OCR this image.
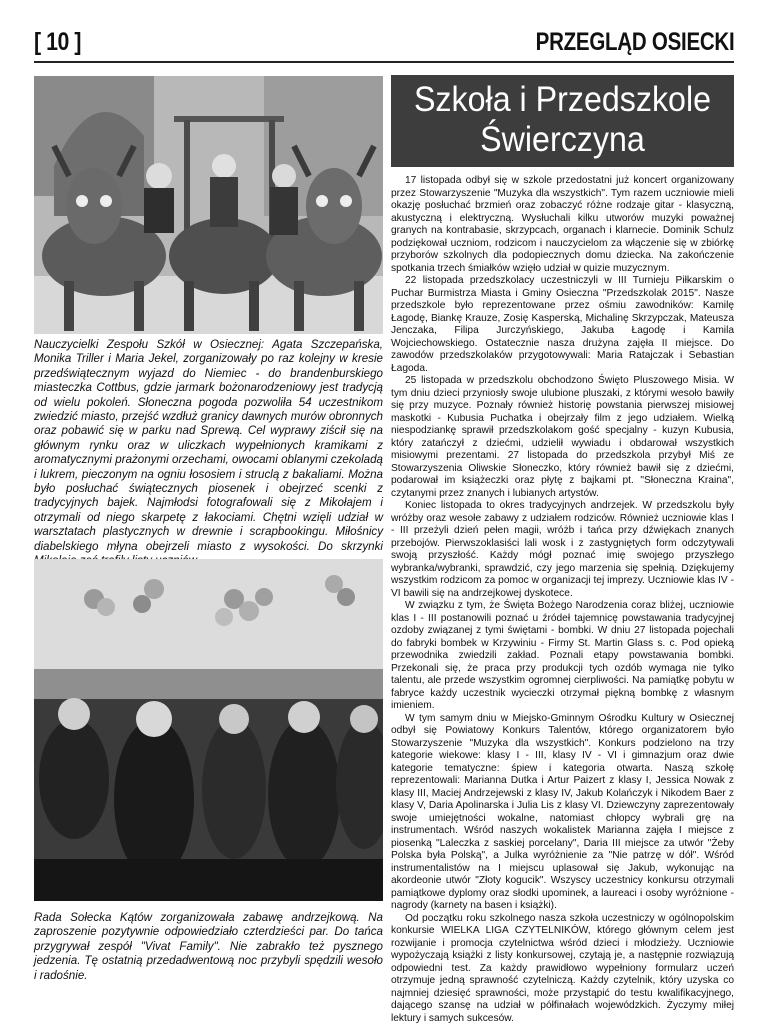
[ 10 ]	PRZEGLĄD OSIECKI
Nauczycielki Zespołu Szkół w Osiecznej: Agata Szczepańska, Monika Triller i Maria Jekel, zorganizowały po raz kolejny w kresie przedświątecznym wyjazd do Niemiec - do brandenburskiego miasteczka Cottbus, gdzie jarmark bożonarodzeniowy jest tradycją od wielu pokoleń. Słoneczna pogoda pozwoliła 54 uczestnikom zwiedzić miasto, przejść wzdłuż granicy dawnych murów obronnych oraz pobawić się w parku nad Sprewą. Cel wyprawy ziścił się na głównym rynku oraz w uliczkach wypełnionych kramikami z aromatycznymi prażonymi orzechami, owocami oblanymi czekoladą i lukrem, pieczonym na ogniu łososiem i struclą z bakaliami. Można było posłuchać świątecznych piosenek i obejrzeć scenki z tradycyjnych bajek. Najmłodsi fotografowali się z Mikołajem i otrzymali od niego skarpetę z łakociami. Chętni wzięli udział w warsztatach plastycznych w drewnie i scrapbookingu. Miłośnicy diabelskiego młyna obejrzeli miasto z wysokości. Do skrzynki
Rada Sołecka Kątów zorganizowała zabawę andrzejkową. Na zaproszenie pozytywnie odpowiedziało czterdzieści par. Do tańca przygrywał zespół "Vivat Family". Nie zabrakło też pysznego jedzenia. Tę ostatnią przedadwentową noc przybyli spędzili wesoło i radośnie.
Szkoła i Przedszkole
Świerczyna

17 listopada odbył się w szkole przedostatni już koncert organizowany przez Stowarzyszenie "Muzyka dla wszystkich". Tym razem uczniowie mieli okazję posłuchać brzmień oraz zobaczyć różne rodzaje gitar - klasyczną, akustyczną i elektryczną. Wysłuchali kilku utworów muzyki poważnej granych na kontrabasie, skrzypcach, organach i klarnecie. Dominik Schulz podziękował uczniom, rodzicom i nauczycielom za włączenie się w zbiórkę przyborów szkolnych dla podopiecznych domu dziecka. Na zakończenie spotkania trzech śmiałków wzięło udział w quizie muzycznym.

22 listopada przedszkolacy uczestniczyli w III Turnieju Piłkarskim o Puchar Burmistrza Miasta i Gminy Osieczna "Przedszkolak 2015". Nasze przedszkole było reprezentowane przez ośmiu zawodników: Kamilę Łagodę, Biankę Krauze, Zosię Kasperską, Michalinę Skrzypczak, Mateusza Jenczaka, Filipa Jurczyńskiego, Jakuba Łagodę i Kamila Wojciechowskiego. Ostatecznie nasza drużyna zajęła II miejsce. Do zawodów przedszkolaków przygotowywali: Maria Ratajczak i Sebastian Łagoda.

25 listopada w przedszkolu obchodzono Święto Pluszowego Misia. W tym dniu dzieci przyniosły swoje ulubione pluszaki, z którymi wesoło bawiły się przy muzyce. Poznały również historię powstania pierwszej misiowej maskotki - Kubusia Puchatka i obejrzały film z jego udziałem. Wielką niespodziankę sprawił przedszkolakom gość specjalny - kuzyn Kubusia, który zatańczył z dziećmi, udzielił wywiadu i obdarował wszystkich misiowymi prezentami. 27 listopada do przedszkola przybył Miś ze Stowarzyszenia Oliwskie Słoneczko, który również bawił się z dziećmi, podarował im książeczki oraz płytę z bajkami pt. "Słoneczna Kraina", czytanymi przez znanych i lubianych artystów.

Koniec listopada to okres tradycyjnych andrzejek. W przedszkolu były wróżby oraz wesołe zabawy z udziałem rodziców. Również uczniowie klas I - III przeżyli dzień pełen magii, wróżb i tańca przy dźwiękach znanych przebojów. Pierwszoklasiści lali wosk i z zastygniętych form odczytywali swoją przyszłość. Każdy mógł poznać imię swojego przyszłego wybranka/wybranki, sprawdzić, czy jego marzenia się spełnią. Dziękujemy wszystkim rodzicom za pomoc w organizacji tej imprezy. Uczniowie klas IV - VI bawili się na andrzejkowej dyskotece.

W związku z tym, że Święta Bożego Narodzenia coraz bliżej, uczniowie klas I - III postanowili poznać u źródeł tajemnicę powstawania tradycyjnej ozdoby związanej z tymi świętami - bombki. W dniu 27 listopada pojechali do fabryki bombek w Krzywiniu - Firmy St. Martin Glass s. c. Pod opieką przewodnika zwiedzili zakład. Poznali etapy powstawania bombki. Przekonali się, że praca przy produkcji tych ozdób wymaga nie tylko talentu, ale przede wszystkim ogromnej cierpliwości. Na pamiątkę pobytu w fabryce każdy uczestnik wycieczki otrzymał piękną bombkę z własnym imieniem.

W tym samym dniu w Miejsko-Gminnym Ośrodku Kultury w Osiecznej odbył się Powiatowy Konkurs Talentów, którego organizatorem było Stowarzyszenie "Muzyka dla wszystkich". Konkurs podzielono na trzy kategorie wiekowe: klasy I - III, klasy IV - VI i gimnazjum oraz dwie kategorie tematyczne: śpiew i kategoria otwarta. Naszą szkołę reprezentowali: Marianna Dutka i Artur Paizert z klasy I, Jessica Nowak z klasy III, Maciej Andrzejewski z klasy IV, Jakub Kolańczyk i Nikodem Baer z klasy V, Daria Apolinarska i Julia Lis z klasy VI. Dziewczyny zaprezentowały swoje umiejętności wokalne, natomiast chłopcy wybrali grę na instrumentach. Wśród naszych wokalistek Marianna zajęła I miejsce z piosenką "Laleczka z saskiej porcelany", Daria III miejsce za utwór "Żeby Polska była Polską", a Julka wyróżnienie za "Nie patrzę w dół". Wśród instrumentalistów na I miejscu uplasował się Jakub, wykonując na akordeonie utwór "Złoty kogucik". Wszyscy uczestnicy konkursu otrzymali pamiątkowe dyplomy oraz słodki upominek, a laureaci i osoby wyróżnione - nagrody (karnety na basen i książki).

Od początku roku szkolnego nasza szkoła uczestniczy w ogólnopolskim konkursie WIELKA LIGA CZYTELNIKÓW, którego głównym celem jest rozwijanie i promocja czytelnictwa wśród dzieci i młodzieży. Uczniowie wypożyczają książki z listy konkursowej, czytają je, a następnie rozwiązują odpowiedni test. Za każdy prawidłowo wypełniony formularz uczeń otrzymuje jedną sprawność czytelniczą. Każdy czytelnik, który uzyska co najmniej dziesięć sprawności, może przystąpić do testu kwalifikacyjnego, dającego szansę na udział w półfinałach wojewódzkich. Życzymy miłej lektury i samych sukcesów.
